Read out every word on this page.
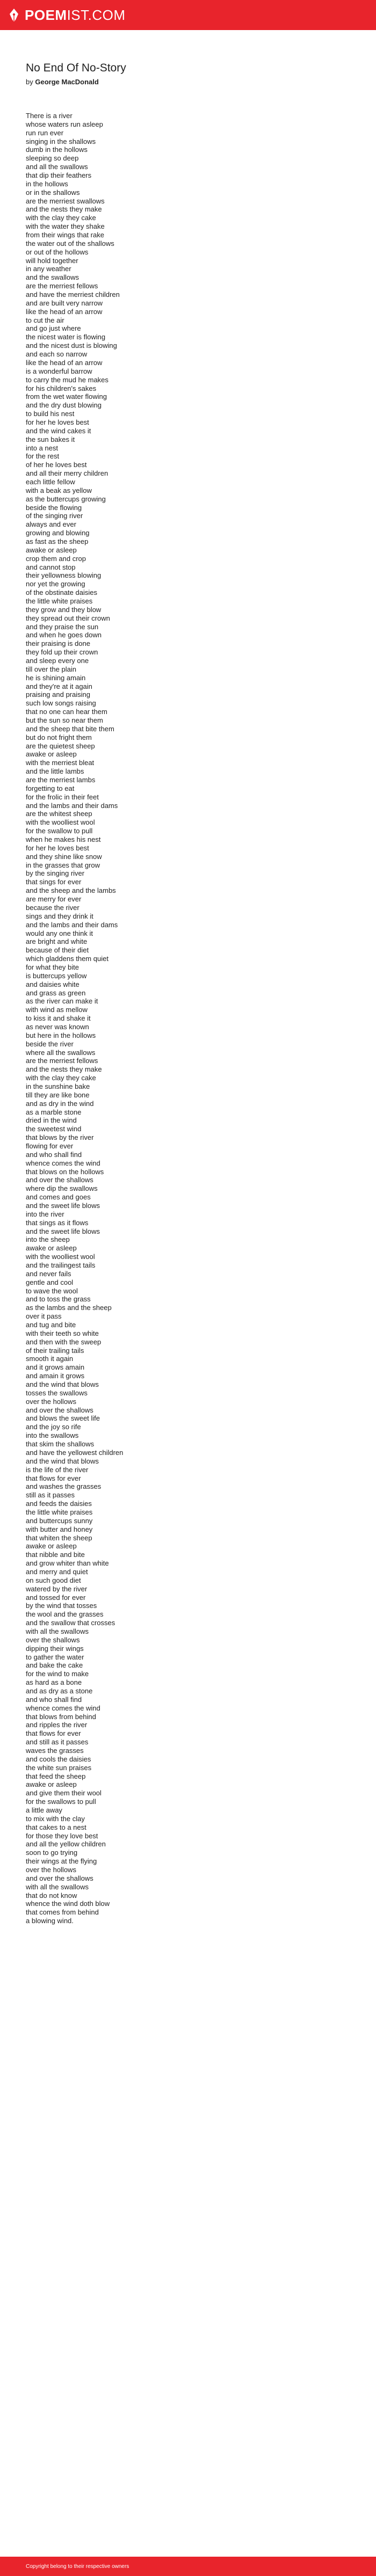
POEMIST.COM
No End Of No-Story
by George MacDonald
There is a river
whose waters run asleep
run run ever
singing in the shallows
dumb in the hollows
sleeping so deep
and all the swallows
that dip their feathers
in the hollows
or in the shallows
are the merriest swallows
and the nests they make
with the clay they cake
with the water they shake
from their wings that rake
the water out of the shallows
or out of the hollows
will hold together
in any weather
and the swallows
are the merriest fellows
and have the merriest children
and are built very narrow
like the head of an arrow
to cut the air
and go just where
the nicest water is flowing
and the nicest dust is blowing
and each so narrow
like the head of an arrow
is a wonderful barrow
to carry the mud he makes
for his children's sakes
from the wet water flowing
and the dry dust blowing
to build his nest
for her he loves best
and the wind cakes it
the sun bakes it
into a nest
for the rest
of her he loves best
and all their merry children
each little fellow
with a beak as yellow
as the buttercups growing
beside the flowing
of the singing river
always and ever
growing and blowing
as fast as the sheep
awake or asleep
crop them and crop
and cannot stop
their yellowness blowing
nor yet the growing
of the obstinate daisies
the little white praises
they grow and they blow
they spread out their crown
and they praise the sun
and when he goes down
their praising is done
they fold up their crown
and sleep every one
till over the plain
he is shining amain
and they're at it again
praising and praising
such low songs raising
that no one can hear them
but the sun so near them
and the sheep that bite them
but do not fright them
are the quietest sheep
awake or asleep
with the merriest bleat
and the little lambs
are the merriest lambs
forgetting to eat
for the frolic in their feet
and the lambs and their dams
are the whitest sheep
with the woolliest wool
for the swallow to pull
when he makes his nest
for her he loves best
and they shine like snow
in the grasses that grow
by the singing river
that sings for ever
and the sheep and the lambs
are merry for ever
because the river
sings and they drink it
and the lambs and their dams
would any one think it
are bright and white
because of their diet
which gladdens them quiet
for what they bite
is buttercups yellow
and daisies white
and grass as green
as the river can make it
with wind as mellow
to kiss it and shake it
as never was known
but here in the hollows
beside the river
where all the swallows
are the merriest fellows
and the nests they make
with the clay they cake
in the sunshine bake
till they are like bone
and as dry in the wind
as a marble stone
dried in the wind
the sweetest wind
that blows by the river
flowing for ever
and who shall find
whence comes the wind
that blows on the hollows
and over the shallows
where dip the swallows
and comes and goes
and the sweet life blows
into the river
that sings as it flows
and the sweet life blows
into the sheep
awake or asleep
with the woolliest wool
and the trailingest tails
and never fails
gentle and cool
to wave the wool
and to toss the grass
as the lambs and the sheep
over it pass
and tug and bite
with their teeth so white
and then with the sweep
of their trailing tails
smooth it again
and it grows amain
and amain it grows
and the wind that blows
tosses the swallows
over the hollows
and over the shallows
and blows the sweet life
and the joy so rife
into the swallows
that skim the shallows
and have the yellowest children
and the wind that blows
is the life of the river
that flows for ever
and washes the grasses
still as it passes
and feeds the daisies
the little white praises
and buttercups sunny
with butter and honey
that whiten the sheep
awake or asleep
that nibble and bite
and grow whiter than white
and merry and quiet
on such good diet
watered by the river
and tossed for ever
by the wind that tosses
the wool and the grasses
and the swallow that crosses
with all the swallows
over the shallows
dipping their wings
to gather the water
and bake the cake
for the wind to make
as hard as a bone
and as dry as a stone
and who shall find
whence comes the wind
that blows from behind
and ripples the river
that flows for ever
and still as it passes
waves the grasses
and cools the daisies
the white sun praises
that feed the sheep
awake or asleep
and give them their wool
for the swallows to pull
a little away
to mix with the clay
that cakes to a nest
for those they love best
and all the yellow children
soon to go trying
their wings at the flying
over the hollows
and over the shallows
with all the swallows
that do not know
whence the wind doth blow
that comes from behind
a blowing wind.
Copyright belong to their respective owners
